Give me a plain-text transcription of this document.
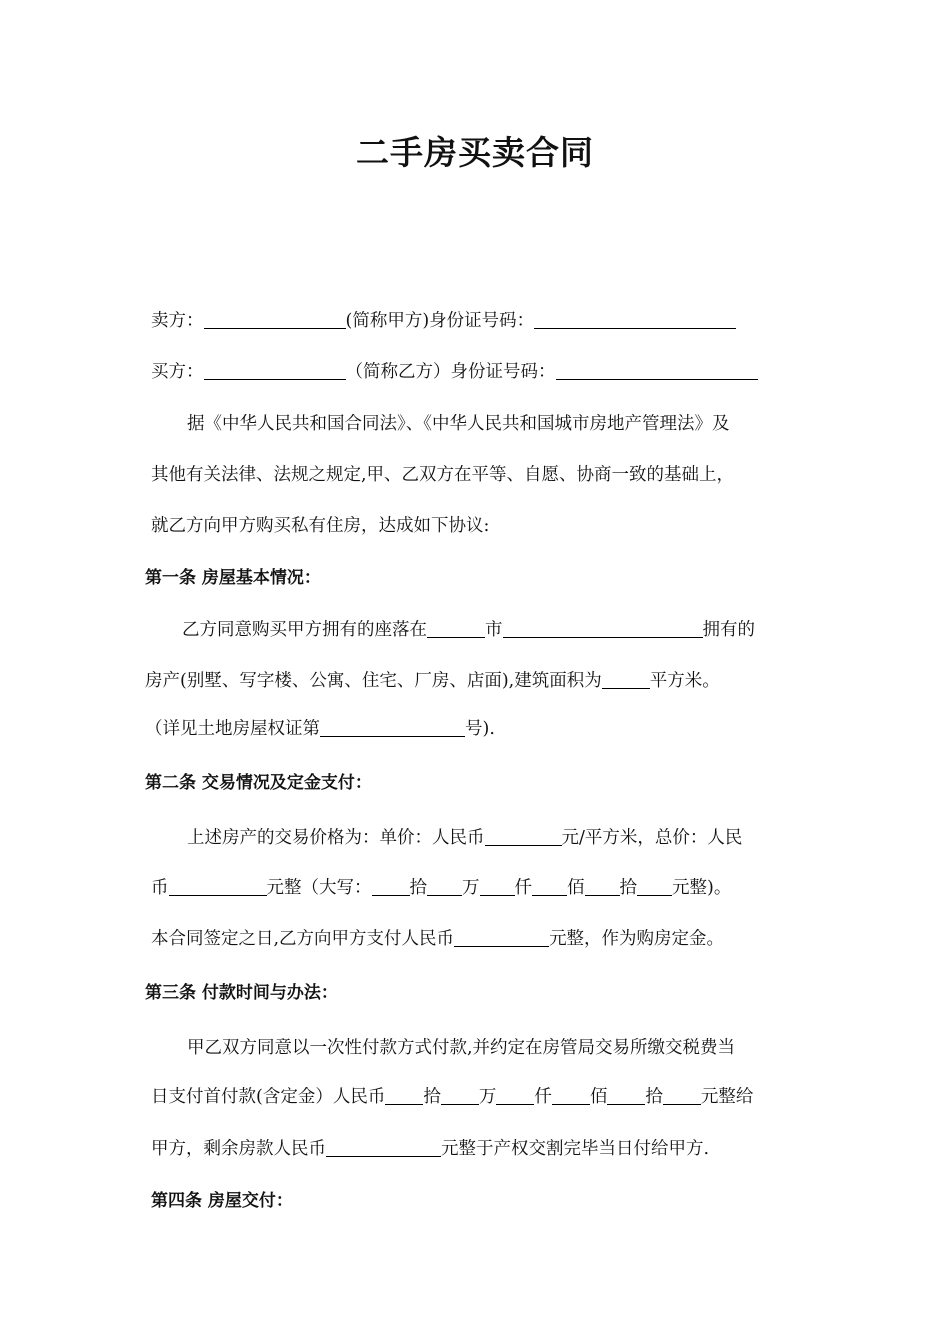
二手房买卖合同
卖方：	(简称甲方)身份证号码：
买方：	（简称乙方）身份证号码：
据《中华人民共和国合同法》、《中华人民共和国城市房地产管理法》及
其他有关法律、法规之规定,甲、乙双方在平等、自愿、协商一致的基础上，
就乙方向甲方购买私有住房，达成如下协议:
第一条 房屋基本情况：
乙方同意购买甲方拥有的座落在	市	拥有的
房产(别墅、写字楼、公寓、住宅、厂房、店面),建筑面积为	平方米。
（详见土地房屋权证第	号).
第二条 交易情况及定金支付：
上述房产的交易价格为：单价：人民币	元/平方米，总价：人民
币	元整（大写： 拾 万 仟 佰 拾 元整)。
本合同签定之日,乙方向甲方支付人民币	元整，作为购房定金。
第三条 付款时间与办法：
甲乙双方同意以一次性付款方式付款,并约定在房管局交易所缴交税费当
日支付首付款(含定金）人民币 拾 万 仟 佰 拾 元整给
甲方，剩余房款人民币	元整于产权交割完毕当日付给甲方.
第四条 房屋交付：
